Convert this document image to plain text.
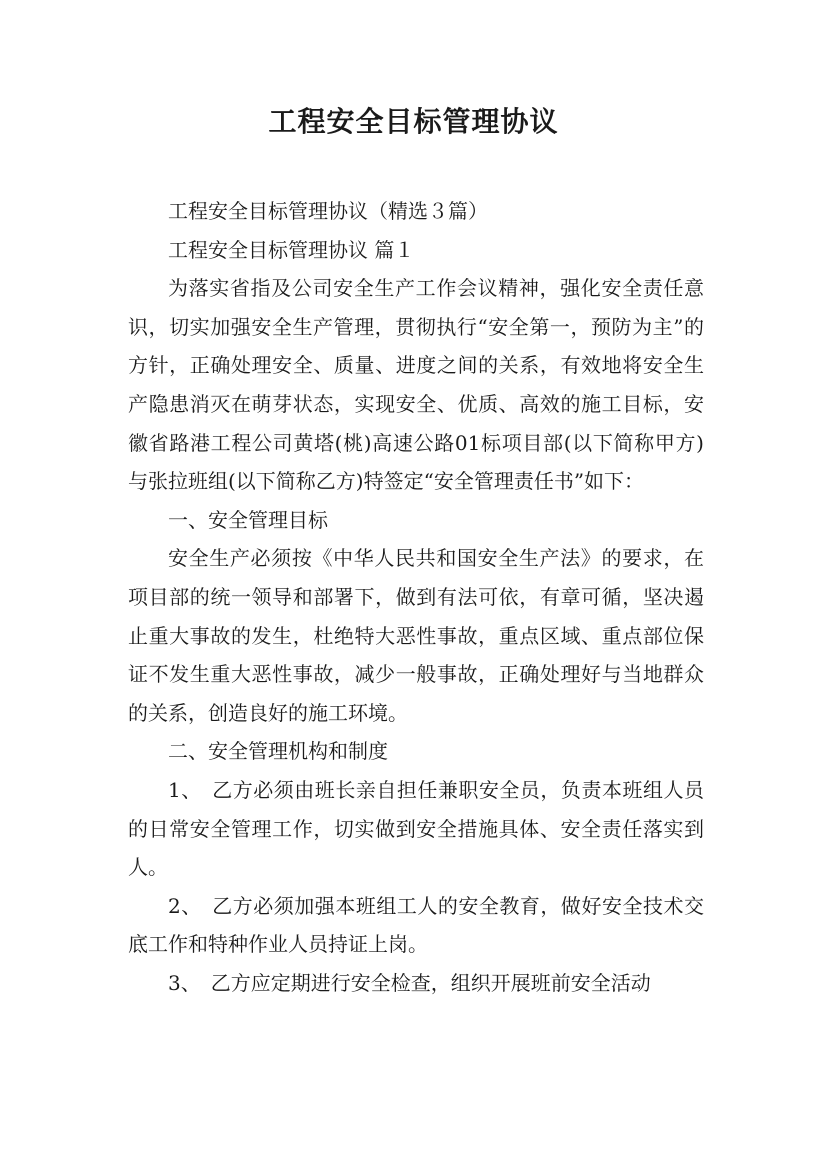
工程安全目标管理协议

工程安全目标管理协议（精选３篇）

工程安全目标管理协议 篇１

为落实省指及公司安全生产工作会议精神，强化安全责任意识，切实加强安全生产管理，贯彻执行“安全第一，预防为主”的方针，正确处理安全、质量、进度之间的关系，有效地将安全生产隐患消灭在萌芽状态，实现安全、优质、高效的施工目标，安徽省路港工程公司黄塔(桃)高速公路01标项目部(以下简称甲方)与张拉班组(以下简称乙方)特签定“安全管理责任书”如下：

一、安全管理目标

安全生产必须按《中华人民共和国安全生产法》的要求，在项目部的统一领导和部署下，做到有法可依，有章可循，坚决遏止重大事故的发生，杜绝特大恶性事故，重点区域、重点部位保证不发生重大恶性事故，减少一般事故，正确处理好与当地群众的关系，创造良好的施工环境。

二、安全管理机构和制度

1、　乙方必须由班长亲自担任兼职安全员，负责本班组人员的日常安全管理工作，切实做到安全措施具体、安全责任落实到人。

2、　乙方必须加强本班组工人的安全教育，做好安全技术交底工作和特种作业人员持证上岗。

3、　乙方应定期进行安全检查，组织开展班前安全活动
